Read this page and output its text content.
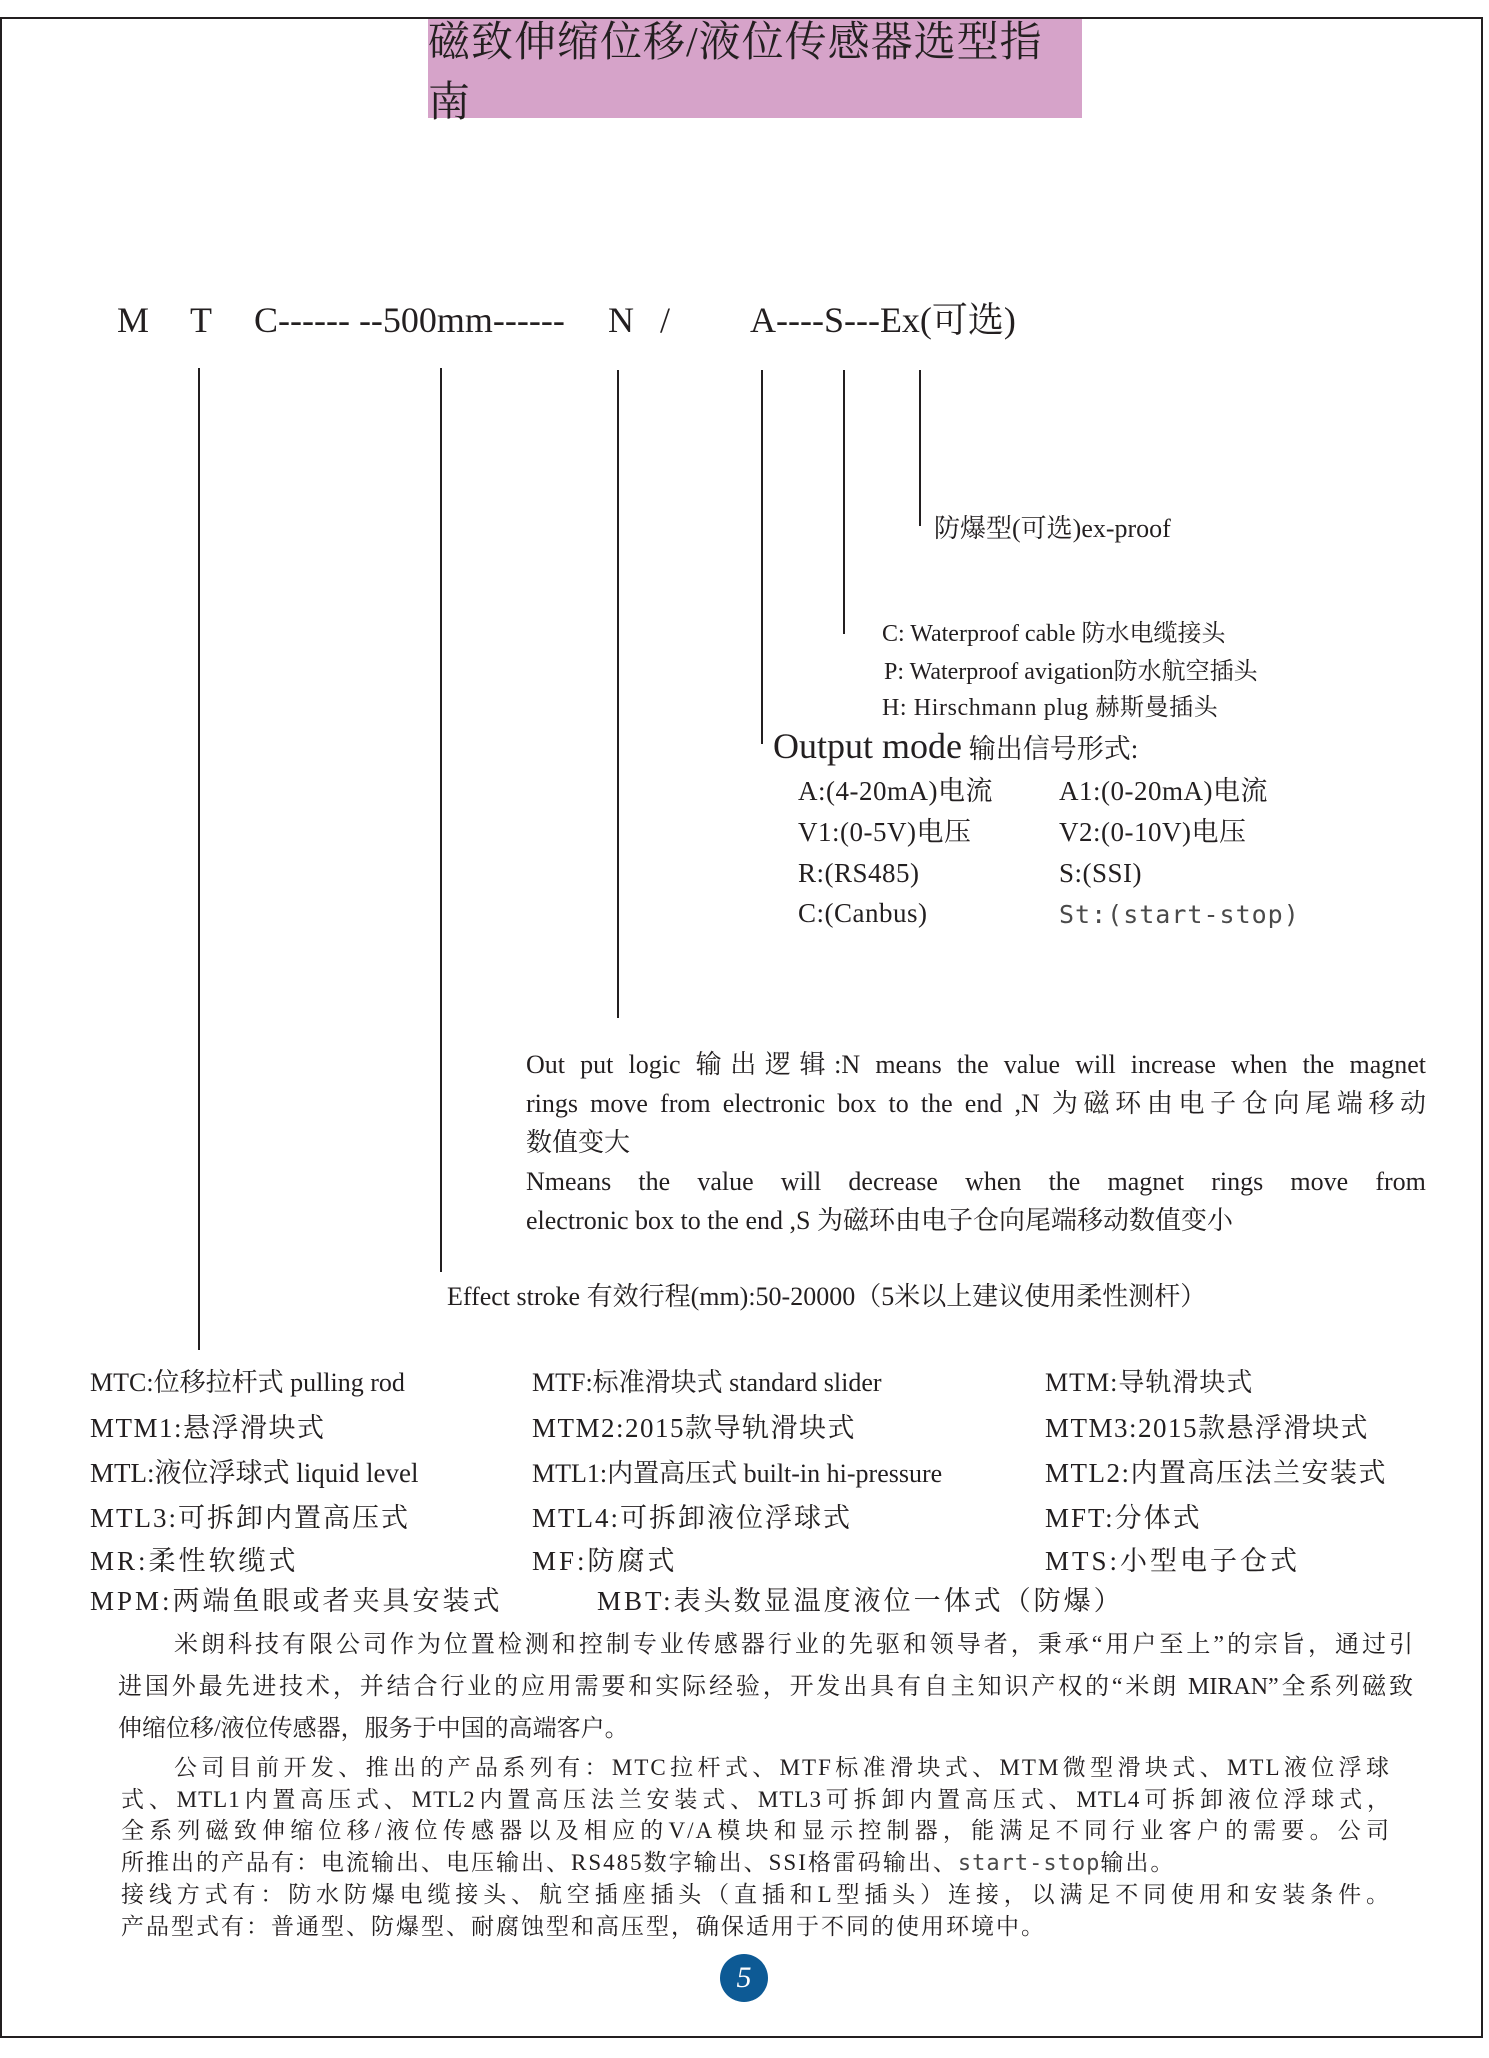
磁致伸缩位移/液位传感器选型指南
M T C------ --500mm------ N / A----S---Ex(可选)
防爆型(可选)ex-proof
C: Waterproof cable 防水电缆接头
P: Waterproof avigation防水航空插头
H: Hirschmann plug 赫斯曼插头
Output mode 输出信号形式:
A:(4-20mA)电流 A1:(0-20mA)电流
V1:(0-5V)电压	V2:(0-10V)电压
R:(RS485)	S:(SSI)
C:(Canbus)	St:(start-stop)
Out put logic 输出逻辑:N means the value will increase when the magnet
rings move from electronic box to the end ,N 为磁环由电子仓向尾端移动
数值变大
Nmeans the value will decrease when the magnet rings move from
electronic box to the end ,S 为磁环由电子仓向尾端移动数值变小
Effect stroke 有效行程(mm):50-20000（5米以上建议使用柔性测杆）
MTC:位移拉杆式 pulling rod	MTF:标准滑块式 standard slider	MTM:导轨滑块式
MTM1:悬浮滑块式	MTM2:2015款导轨滑块式	MTM3:2015款悬浮滑块式
MTL:液位浮球式 liquid level	MTL1:内置高压式 built-in hi-pressure	MTL2:内置高压法兰安装式
MTL3:可拆卸内置高压式	MTL4:可拆卸液位浮球式	MFT:分体式
MR:柔性软缆式	MF:防腐式	MTS:小型电子仓式
MPM:两端鱼眼或者夹具安装式	MBT:表头数显温度液位一体式（防爆）
米朗科技有限公司作为位置检测和控制专业传感器行业的先驱和领导者，秉承“用户至上”的宗旨，通过引
进国外最先进技术，并结合行业的应用需要和实际经验，开发出具有自主知识产权的“米朗 MIRAN”全系列磁致
伸缩位移/液位传感器，服务于中国的高端客户。
公司目前开发、推出的产品系列有：MTC拉杆式、MTF标准滑块式、MTM微型滑块式、MTL液位浮球
式、MTL1内置高压式、MTL2内置高压法兰安装式、MTL3可拆卸内置高压式、MTL4可拆卸液位浮球式，
全系列磁致伸缩位移/液位传感器以及相应的V/A模块和显示控制器，能满足不同行业客户的需要。公司
所推出的产品有：电流输出、电压输出、RS485数字输出、SSI格雷码输出、start-stop输出。
接线方式有：防水防爆电缆接头、航空插座插头（直插和L型插头）连接，以满足不同使用和安装条件。
产品型式有：普通型、防爆型、耐腐蚀型和高压型，确保适用于不同的使用环境中。
5
